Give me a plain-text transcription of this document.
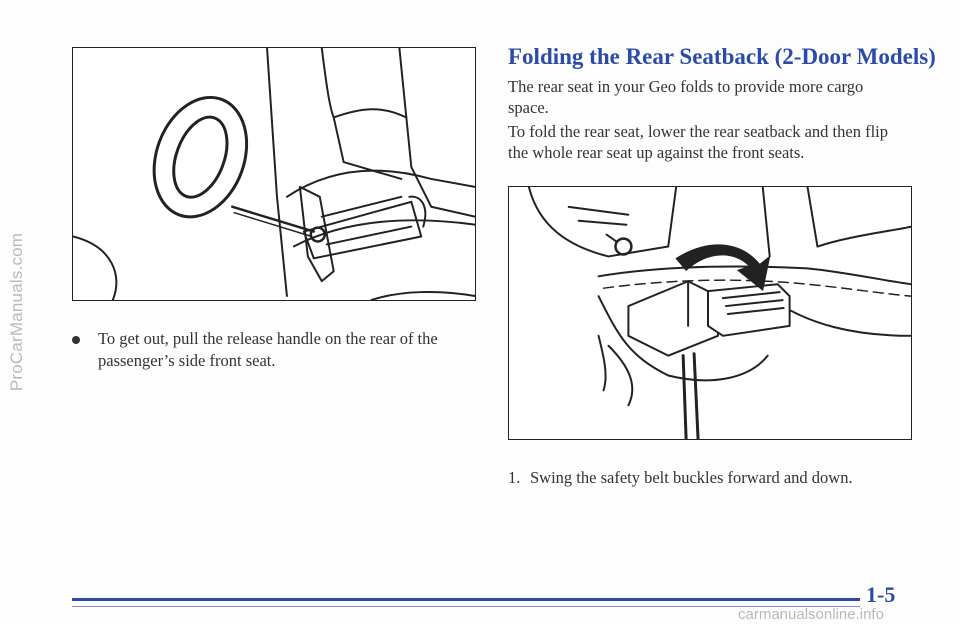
ProCarManuals.com	To get out, pull the release handle on the rear of the passenger’s side front seat.
Folding the Rear Seatback (2-Door Models)

The rear seat in your Geo folds to provide more cargo space.

To fold the rear seat, lower the rear seatback and then flip the whole rear seat up against the front seats.

1. Swing the safety belt buckles forward and down.
1-5
carmanualsonline.info
